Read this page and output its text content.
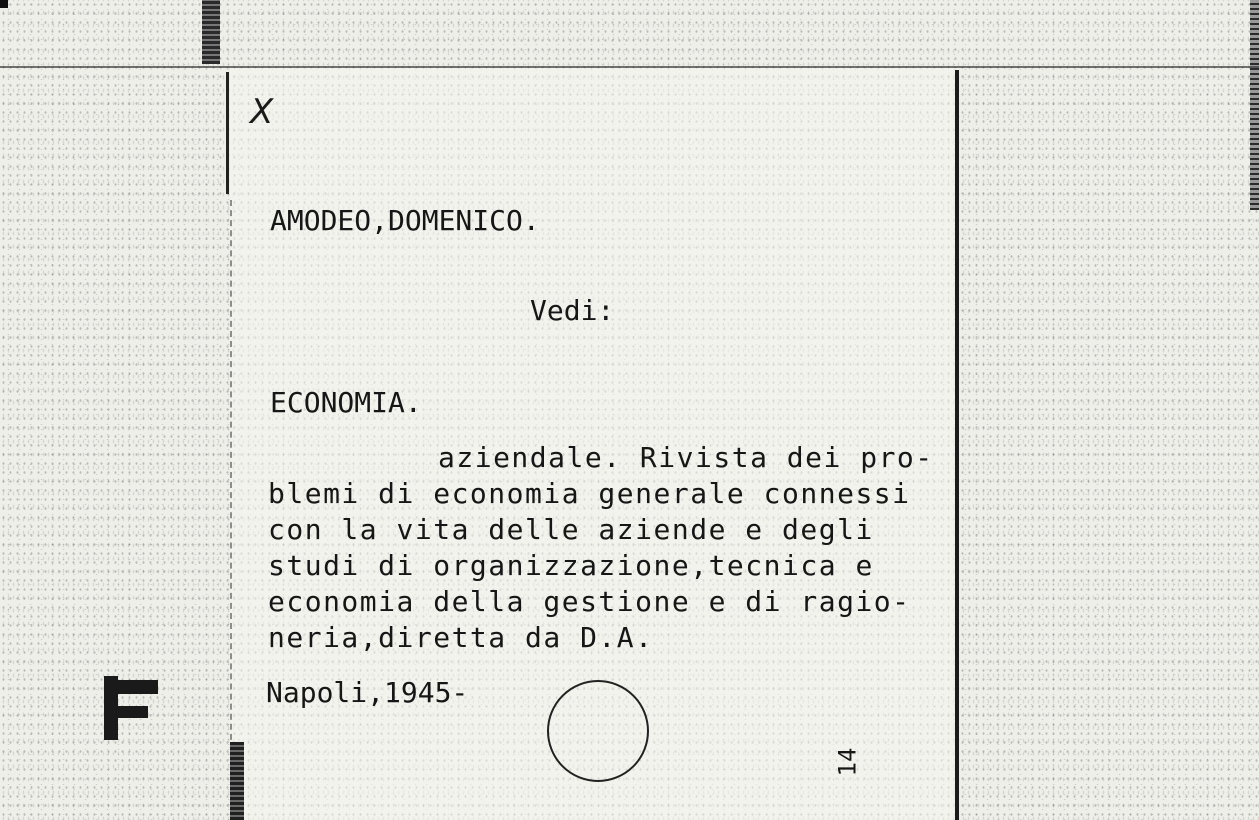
X
AMODEO,DOMENICO.
Vedi:
ECONOMIA.
aziendale. Rivista dei pro-
blemi di economia generale connessi
con la vita delle aziende e degli
studi di organizzazione,tecnica e
economia della gestione e di ragio-
neria,diretta da D.A.
Napoli,1945-
14
